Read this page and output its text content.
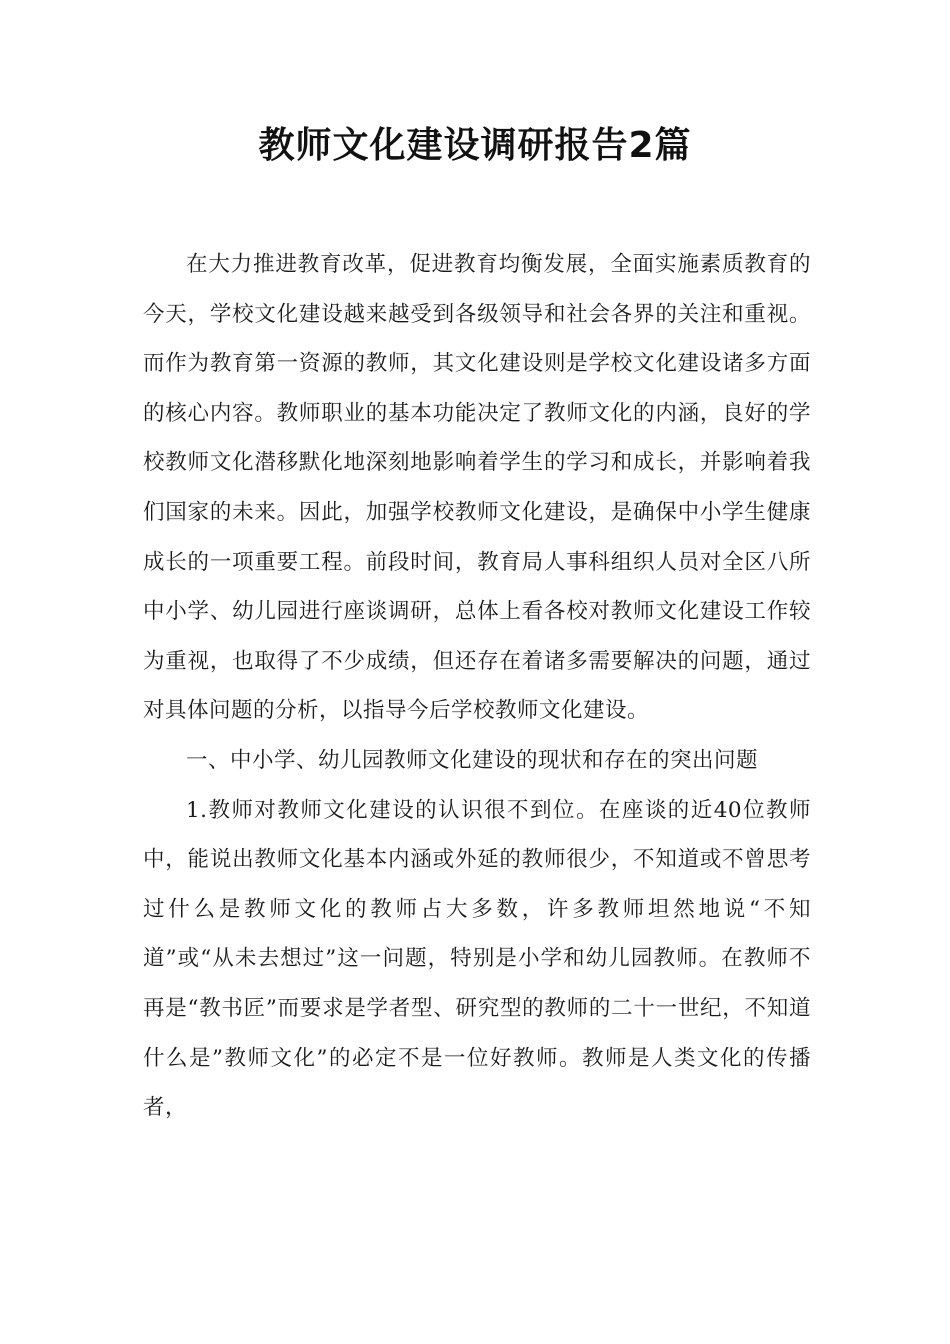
教师文化建设调研报告2篇

在大力推进教育改革，促进教育均衡发展，全面实施素质教育的今天，学校文化建设越来越受到各级领导和社会各界的关注和重视。而作为教育第一资源的教师，其文化建设则是学校文化建设诸多方面的核心内容。教师职业的基本功能决定了教师文化的内涵，良好的学校教师文化潜移默化地深刻地影响着学生的学习和成长，并影响着我们国家的未来。因此，加强学校教师文化建设，是确保中小学生健康成长的一项重要工程。前段时间，教育局人事科组织人员对全区八所中小学、幼儿园进行座谈调研，总体上看各校对教师文化建设工作较为重视，也取得了不少成绩，但还存在着诸多需要解决的问题，通过对具体问题的分析，以指导今后学校教师文化建设。

一、中小学、幼儿园教师文化建设的现状和存在的突出问题

1.教师对教师文化建设的认识很不到位。在座谈的近40位教师中，能说出教师文化基本内涵或外延的教师很少，不知道或不曾思考过什么是教师文化的教师占大多数，许多教师坦然地说“不知道”或“从未去想过”这一问题，特别是小学和幼儿园教师。在教师不再是“教书匠”而要求是学者型、研究型的教师的二十一世纪，不知道什么是”教师文化”的必定不是一位好教师。教师是人类文化的传播者，
